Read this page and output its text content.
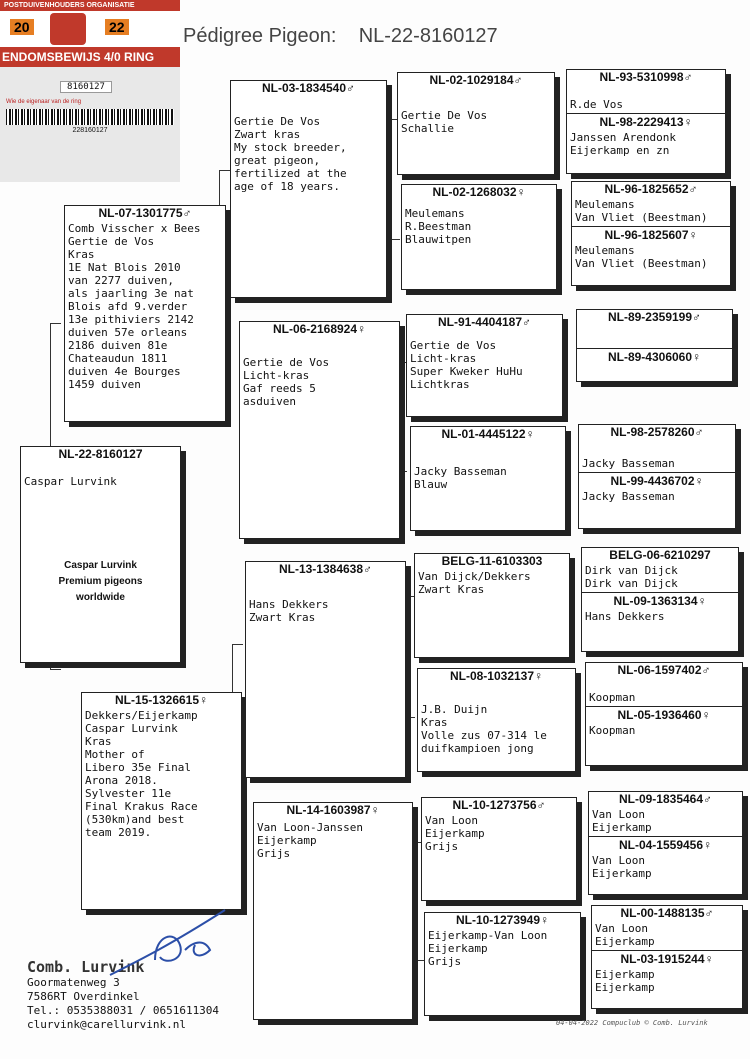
POSTDUIVENHOUDERS ORGANISATIE
20	22
ENDOMSBEWIJS 4/0 RING
8160127
Wie de eigenaar van de ring
228160127
Pédigree Pigeon: NL-22-8160127
NL-22-8160127
Caspar Lurvink
Caspar Lurvink
Premium pigeons
worldwide
NL-07-1301775♂
Comb Visscher x Bees
Gertie de Vos
Kras
1E Nat Blois 2010
van 2277 duiven,
als jaarling 3e nat
Blois afd 9.verder
13e pithiviers 2142
duiven 57e orleans
2186 duiven 81e
Chateaudun 1811
duiven 4e Bourges
1459 duiven
NL-15-1326615♀
Dekkers/Eijerkamp
Caspar Lurvink
Kras
Mother of
Libero 35e Final
Arona 2018.
Sylvester 11e
Final Krakus Race
(530km)and best
team 2019.
NL-03-1834540♂
Gertie De Vos
Zwart kras
My stock breeder,
great pigeon,
fertilized at the
age of 18 years.
NL-06-2168924♀
Gertie de Vos
Licht-kras
Gaf reeds 5
asduiven
NL-13-1384638♂
Hans Dekkers
Zwart Kras
NL-14-1603987♀
Van Loon-Janssen
Eijerkamp
Grijs
NL-02-1029184♂
Gertie De Vos
Schallie
NL-02-1268032♀
Meulemans
R.Beestman
Blauwitpen
NL-91-4404187♂
Gertie de Vos
Licht-kras
Super Kweker HuHu
Lichtkras
NL-01-4445122♀
Jacky Basseman
Blauw
BELG-11-6103303
Van Dijck/Dekkers
Zwart Kras
NL-08-1032137♀
J.B. Duijn
Kras
Volle zus 07-314 le
duifkampioen jong
NL-10-1273756♂
Van Loon
Eijerkamp
Grijs
NL-10-1273949♀
Eijerkamp-Van Loon
Eijerkamp
Grijs
NL-93-5310998♂
R.de Vos
NL-98-2229413♀
Janssen Arendonk
Eijerkamp en zn
NL-96-1825652♂
Meulemans
Van Vliet (Beestman)
NL-96-1825607♀
Meulemans
Van Vliet (Beestman)
NL-89-2359199♂
NL-89-4306060♀
NL-98-2578260♂
Jacky Basseman
NL-99-4436702♀
Jacky Basseman
BELG-06-6210297
Dirk van Dijck
Dirk van Dijck
NL-09-1363134♀
Hans Dekkers
NL-06-1597402♂
Koopman
NL-05-1936460♀
Koopman
NL-09-1835464♂
Van Loon
Eijerkamp
NL-04-1559456♀
Van Loon
Eijerkamp
NL-00-1488135♂
Van Loon
Eijerkamp
NL-03-1915244♀
Eijerkamp
Eijerkamp
Comb. Lurvink
Goormatenweg 3
7586RT Overdinkel
Tel.: 0535388031 / 0651611304
clurvink@carellurvink.nl	04-04-2022 Compuclub © Comb. Lurvink
